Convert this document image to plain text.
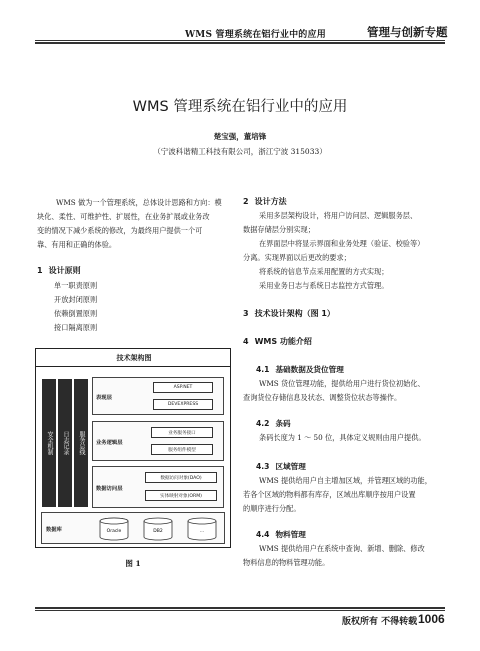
WMS 管理系统在铝行业中的应用	管理与创新专题
WMS 管理系统在铝行业中的应用
楚宝强，董培锋
（宁波科谐精工科技有限公司，浙江宁波 315033）
WMS 做为一个管理系统，总体设计思路和方向：模
块化、柔性、可维护性、扩展性，在业务扩展或业务改
变的情况下减少系统的修改，为最终用户提供一个可
靠、有用和正确的体验。
1 设计原则
单一职责原则
开放封闭原则
依赖倒置原则
接口隔离原则
技术架构图
安全机制	日志记录	服务总线
表现层
ASP.NET
DEVEXPRESS
业务逻辑层
业务服务接口
服务组件模型
数据访问层
数据访问对象(DAO)
实体映射对象(ORM)
数据库	Oracle	DB2	...
图 1
2 设计方法
采用多层架构设计，将用户访问层、逻辑服务层、
数据存储层分别实现；
在界面层中将显示界面和业务处理（验证、校验等）
分离。实现界面以后更改的要求；
将系统的信息节点采用配置的方式实现；
采用业务日志与系统日志监控方式管理。
3 技术设计架构（图 1）
4 WMS 功能介绍
4.1 基础数据及货位管理
WMS 货位管理功能，提供给用户进行货位初始化、
查询货位存储信息及状态、调整货位状态等操作。
4.2 条码
条码长度为 1 ～ 50 位，具体定义规则由用户提供。
4.3 区域管理
WMS 提供给用户自主增加区域，并管理区域的功能，
若各个区域的物料都有库存，区域出库顺序按用户设置
的顺序进行分配。
4.4 物料管理
WMS 提供给用户在系统中查询、新增、删除、修改
物料信息的物料管理功能。
版权所有 不得转载 1006
